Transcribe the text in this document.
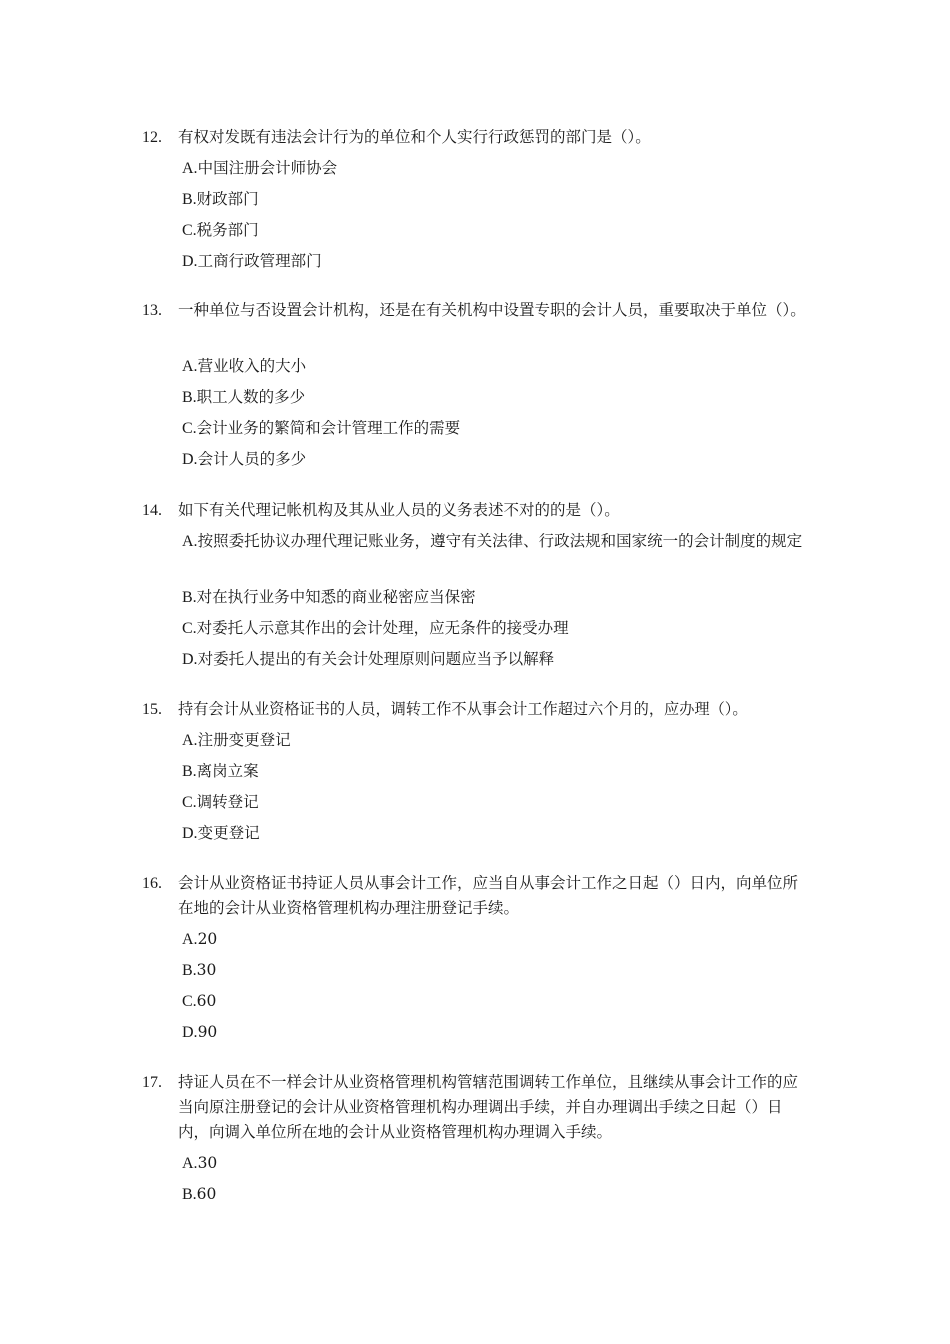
12. 有权对发既有违法会计行为的单位和个人实行行政惩罚的部门是（）。

A.中国注册会计师协会
B.财政部门
C.税务部门
D.工商行政管理部门
13. 一种单位与否设置会计机构，还是在有关机构中设置专职的会计人员，重要取决于单位（）。

A.营业收入的大小
B.职工人数的多少
C.会计业务的繁简和会计管理工作的需要
D.会计人员的多少
14. 如下有关代理记帐机构及其从业人员的义务表述不对的的是（）。

A.按照委托协议办理代理记账业务，遵守有关法律、行政法规和国家统一的会计制度的规定
B.对在执行业务中知悉的商业秘密应当保密
C.对委托人示意其作出的会计处理，应无条件的接受办理
D.对委托人提出的有关会计处理原则问题应当予以解释
15. 持有会计从业资格证书的人员，调转工作不从事会计工作超过六个月的，应办理（）。

A.注册变更登记
B.离岗立案
C.调转登记
D.变更登记
16. 会计从业资格证书持证人员从事会计工作，应当自从事会计工作之日起（）日内，向单位所在地的会计从业资格管理机构办理注册登记手续。

A.20
B.30
C.60
D.90
17. 持证人员在不一样会计从业资格管理机构管辖范围调转工作单位，且继续从事会计工作的应当向原注册登记的会计从业资格管理机构办理调出手续，并自办理调出手续之日起（）日内，向调入单位所在地的会计从业资格管理机构办理调入手续。

A.30
B.60
